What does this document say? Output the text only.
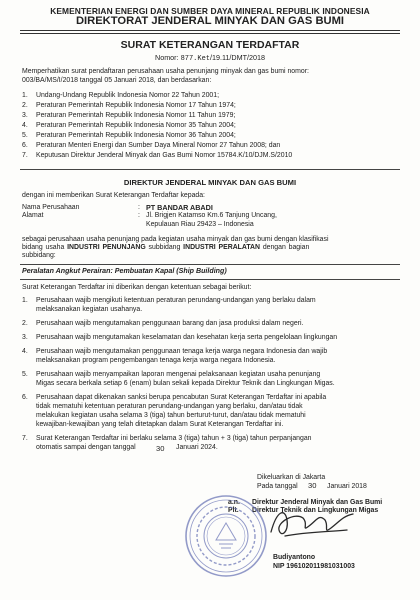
KEMENTERIAN ENERGI DAN SUMBER DAYA MINERAL REPUBLIK INDONESIA
DIREKTORAT JENDERAL MINYAK DAN GAS BUMI
SURAT KETERANGAN TERDAFTAR
Nomor: 877.Ket/19.11/DMT/2018
Memperhatikan surat pendaftaran perusahaan usaha penunjang minyak dan gas bumi nomor:
003/BA/MS/I/2018 tanggal 05 Januari 2018, dan berdasarkan:
1. Undang-Undang Republik Indonesia Nomor 22 Tahun 2001;
2. Peraturan Pemerintah Republik Indonesia Nomor 17 Tahun 1974;
3. Peraturan Pemerintah Republik Indonesia Nomor 11 Tahun 1979;
4. Peraturan Pemerintah Republik Indonesia Nomor 35 Tahun 2004;
5. Peraturan Pemerintah Republik Indonesia Nomor 36 Tahun 2004;
6. Peraturan Menteri Energi dan Sumber Daya Mineral Nomor 27 Tahun 2008; dan
7. Keputusan Direktur Jenderal Minyak dan Gas Bumi Nomor 15784.K/10/DJM.S/2010
DIREKTUR JENDERAL MINYAK DAN GAS BUMI
dengan ini memberikan Surat Keterangan Terdaftar kepada:
Nama Perusahaan	: PT BANDAR ABADI
Alamat	: Jl. Brigjen Katamso Km.6 Tanjung Uncang,
Kepulauan Riau 29423 – Indonesia
sebagai perusahaan usaha penunjang pada kegiatan usaha minyak dan gas bumi dengan klasifikasi
bidang usaha INDUSTRI PENUNJANG subbidang INDUSTRI PERALATAN dengan bagian
subbidang:
Peralatan Angkut Perairan: Pembuatan Kapal (Ship Building)
Surat Keterangan Terdaftar ini diberikan dengan ketentuan sebagai berikut:
1. Perusahaan wajib mengikuti ketentuan peraturan perundang-undangan yang berlaku dalam
melaksanakan kegiatan usahanya.
2. Perusahaan wajib mengutamakan penggunaan barang dan jasa produksi dalam negeri.
3. Perusahaan wajib mengutamakan keselamatan dan kesehatan kerja serta pengelolaan lingkungan
4. Perusahaan wajib mengutamakan penggunaan tenaga kerja warga negara Indonesia dan wajib
melaksanakan program pengembangan tenaga kerja warga negara Indonesia.
5. Perusahaan wajib menyampaikan laporan mengenai pelaksanaan kegiatan usaha penunjang
Migas secara berkala setiap 6 (enam) bulan sekali kepada Direktur Teknik dan Lingkungan Migas.
6. Perusahaan dapat dikenakan sanksi berupa pencabutan Surat Keterangan Terdaftar ini apabila
tidak mematuhi ketentuan peraturan perundang-undangan yang berlaku, dan/atau tidak
melakukan kegiatan usaha selama 3 (tiga) tahun berturut-turut, dan/atau tidak mematuhi
kewajiban-kewajiban yang telah ditetapkan dalam Surat Keterangan Terdaftar ini.
7. Surat Keterangan Terdaftar ini berlaku selama 3 (tiga) tahun + 3 (tiga) tahun perpanjangan
otomatis sampai dengan tanggal	30 Januari 2024.
Dikeluarkan di Jakarta
Pada tanggal 30 Januari 2018
a.n. Direktur Jenderal Minyak dan Gas Bumi
Plt. Direktur Teknik dan Lingkungan Migas
Budiyantono
NIP 196102011981031003
